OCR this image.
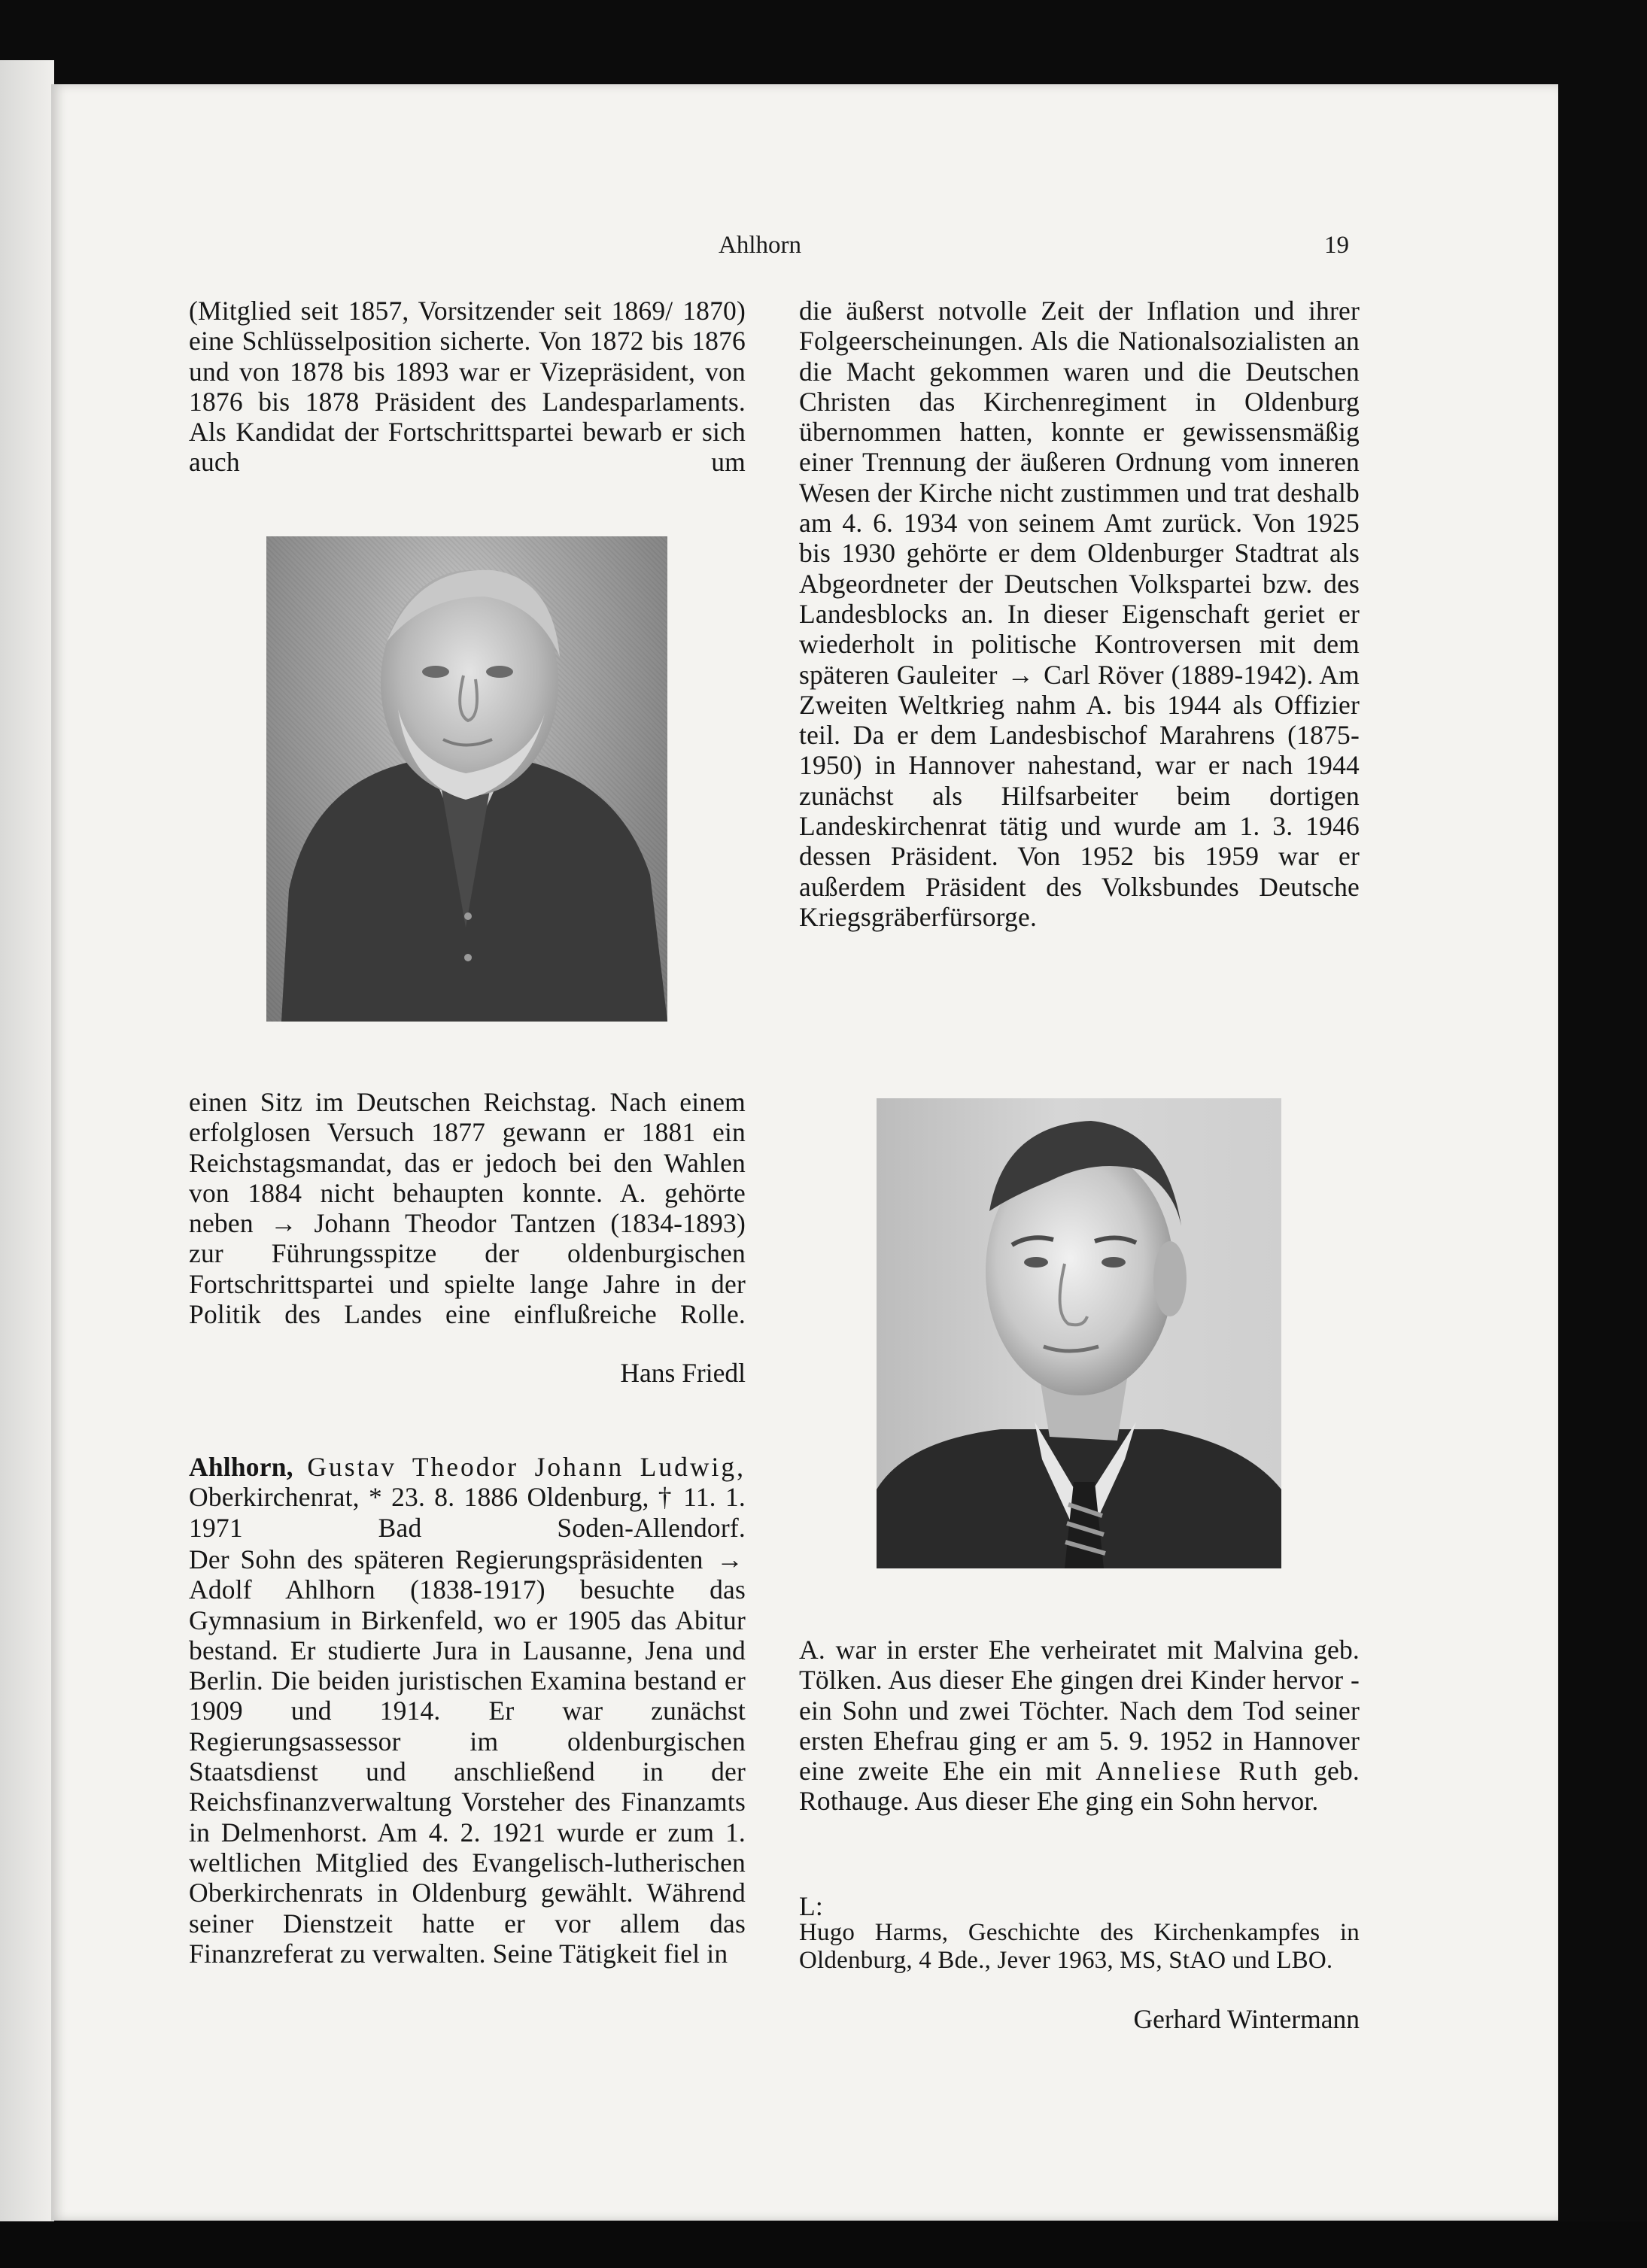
Ahlhorn	19

(Mitglied seit 1857, Vorsitzender seit 1869/ 1870) eine Schlüsselposition sicherte. Von 1872 bis 1876 und von 1878 bis 1893 war er Vizepräsident, von 1876 bis 1878 Präsident des Landesparlaments. Als Kandidat der Fortschrittspartei bewarb er sich auch um

einen Sitz im Deutschen Reichstag. Nach einem erfolglosen Versuch 1877 gewann er 1881 ein Reichstagsmandat, das er jedoch bei den Wahlen von 1884 nicht behaupten konnte. A. gehörte neben → Johann Theodor Tantzen (1834-1893) zur Führungsspitze der oldenburgischen Fortschrittspartei und spielte lange Jahre in der Politik des Landes eine einflußreiche Rolle.

Hans Friedl

Ahlhorn, Gustav Theodor Johann Ludwig, Oberkirchenrat, * 23. 8. 1886 Oldenburg, † 11. 1. 1971 Bad Soden-Allendorf.

Der Sohn des späteren Regierungspräsidenten → Adolf Ahlhorn (1838-1917) besuchte das Gymnasium in Birkenfeld, wo er 1905 das Abitur bestand. Er studierte Jura in Lausanne, Jena und Berlin. Die beiden juristischen Examina bestand er 1909 und 1914. Er war zunächst Regierungsassessor im oldenburgischen Staatsdienst und anschließend in der Reichsfinanzverwaltung Vorsteher des Finanzamts in Delmenhorst. Am 4. 2. 1921 wurde er zum 1. weltlichen Mitglied des Evangelisch-lutherischen Oberkirchenrats in Oldenburg gewählt. Während seiner Dienstzeit hatte er vor allem das Finanzreferat zu verwalten. Seine Tätigkeit fiel in

die äußerst notvolle Zeit der Inflation und ihrer Folgeerscheinungen. Als die Nationalsozialisten an die Macht gekommen waren und die Deutschen Christen das Kirchenregiment in Oldenburg übernommen hatten, konnte er gewissensmäßig einer Trennung der äußeren Ordnung vom inneren Wesen der Kirche nicht zustimmen und trat deshalb am 4. 6. 1934 von seinem Amt zurück. Von 1925 bis 1930 gehörte er dem Oldenburger Stadtrat als Abgeordneter der Deutschen Volkspartei bzw. des Landesblocks an. In dieser Eigenschaft geriet er wiederholt in politische Kontroversen mit dem späteren Gauleiter → Carl Röver (1889-1942). Am Zweiten Weltkrieg nahm A. bis 1944 als Offizier teil. Da er dem Landesbischof Marahrens (1875-1950) in Hannover nahestand, war er nach 1944 zunächst als Hilfsarbeiter beim dortigen Landeskirchenrat tätig und wurde am 1. 3. 1946 dessen Präsident. Von 1952 bis 1959 war er außerdem Präsident des Volksbundes Deutsche Kriegsgräberfürsorge.

A. war in erster Ehe verheiratet mit Malvina geb. Tölken. Aus dieser Ehe gingen drei Kinder hervor - ein Sohn und zwei Töchter. Nach dem Tod seiner ersten Ehefrau ging er am 5. 9. 1952 in Hannover eine zweite Ehe ein mit Anneliese Ruth geb. Rothauge. Aus dieser Ehe ging ein Sohn hervor.

L:

Hugo Harms, Geschichte des Kirchenkampfes in Oldenburg, 4 Bde., Jever 1963, MS, StAO und LBO.

Gerhard Wintermann
